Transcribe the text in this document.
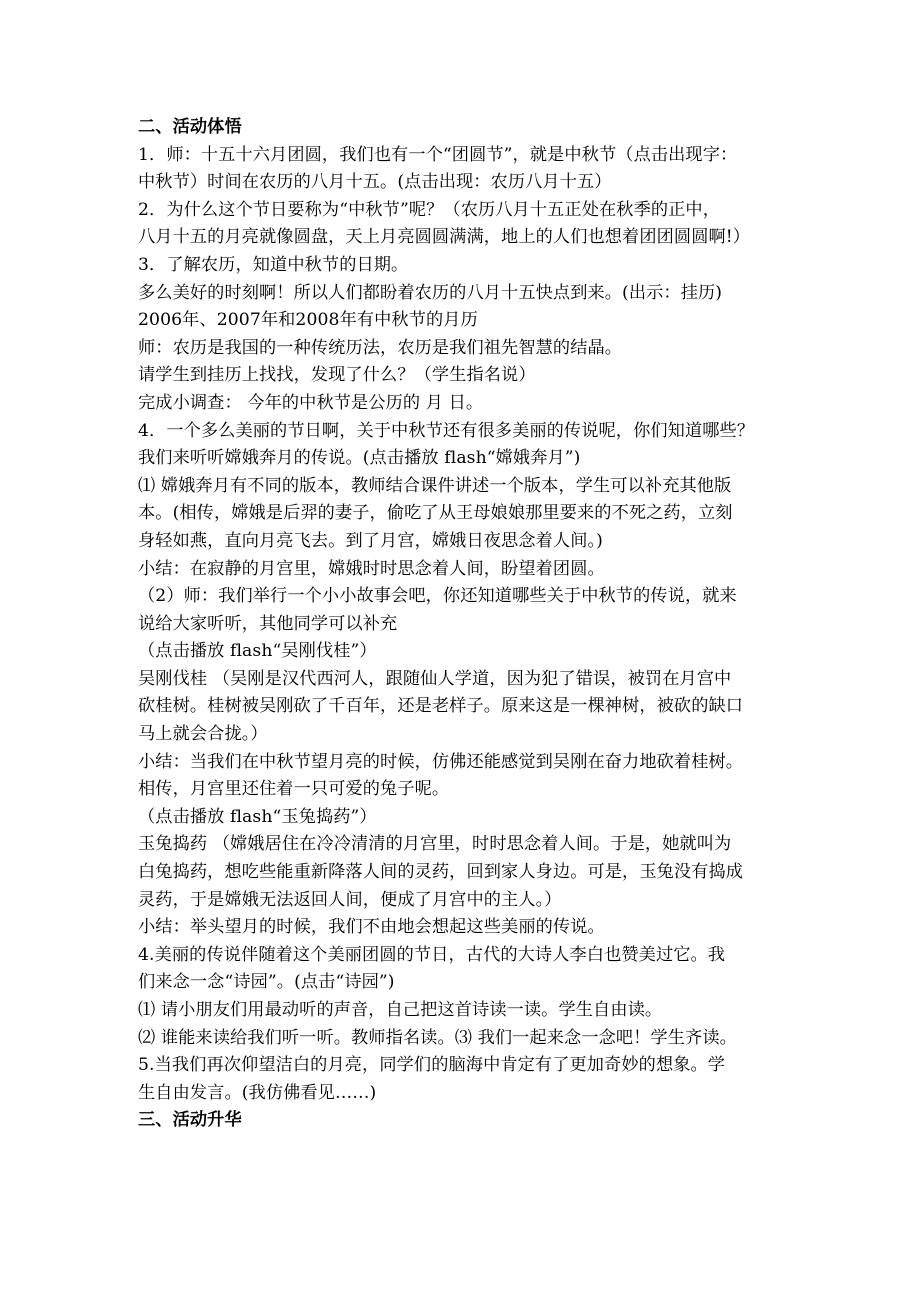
二、活动体悟
1．师：十五十六月团圆，我们也有一个“团圆节”，就是中秋节（点击出现字：
中秋节）时间在农历的八月十五。(点击出现：农历八月十五）
2．为什么这个节日要称为“中秋节”呢？（农历八月十五正处在秋季的正中，
八月十五的月亮就像圆盘，天上月亮圆圆满满，地上的人们也想着团团圆圆啊!）
3．了解农历，知道中秋节的日期。
多么美好的时刻啊！所以人们都盼着农历的八月十五快点到来。(出示：挂历)
2006年、2007年和2008年有中秋节的月历
师：农历是我国的一种传统历法，农历是我们祖先智慧的结晶。
请学生到挂历上找找，发现了什么？（学生指名说）
完成小调查： 今年的中秋节是公历的 月 日。
4．一个多么美丽的节日啊，关于中秋节还有很多美丽的传说呢，你们知道哪些？
我们来听听嫦娥奔月的传说。(点击播放 flash“嫦娥奔月”)
⑴ 嫦娥奔月有不同的版本，教师结合课件讲述一个版本，学生可以补充其他版
本。(相传，嫦娥是后羿的妻子，偷吃了从王母娘娘那里要来的不死之药，立刻
身轻如燕，直向月亮飞去。到了月宫，嫦娥日夜思念着人间。)
小结：在寂静的月宫里，嫦娥时时思念着人间，盼望着团圆。
（2）师：我们举行一个小小故事会吧，你还知道哪些关于中秋节的传说，就来
说给大家听听，其他同学可以补充
（点击播放 flash“吴刚伐桂”）
吴刚伐桂 （吴刚是汉代西河人，跟随仙人学道，因为犯了错误，被罚在月宫中
砍桂树。桂树被吴刚砍了千百年，还是老样子。原来这是一棵神树，被砍的缺口
马上就会合拢。）
小结：当我们在中秋节望月亮的时候，仿佛还能感觉到吴刚在奋力地砍着桂树。
相传，月宫里还住着一只可爱的兔子呢。
（点击播放 flash“玉兔捣药”）
玉兔捣药 （嫦娥居住在冷冷清清的月宫里，时时思念着人间。于是，她就叫为
白兔捣药，想吃些能重新降落人间的灵药，回到家人身边。可是，玉兔没有捣成
灵药，于是嫦娥无法返回人间，便成了月宫中的主人。）
小结：举头望月的时候，我们不由地会想起这些美丽的传说。
4.美丽的传说伴随着这个美丽团圆的节日，古代的大诗人李白也赞美过它。我
们来念一念“诗园”。(点击“诗园”)
⑴ 请小朋友们用最动听的声音，自己把这首诗读一读。学生自由读。
⑵ 谁能来读给我们听一听。教师指名读。⑶ 我们一起来念一念吧！学生齐读。
5.当我们再次仰望洁白的月亮，同学们的脑海中肯定有了更加奇妙的想象。学
生自由发言。(我仿佛看见……)
三、活动升华
